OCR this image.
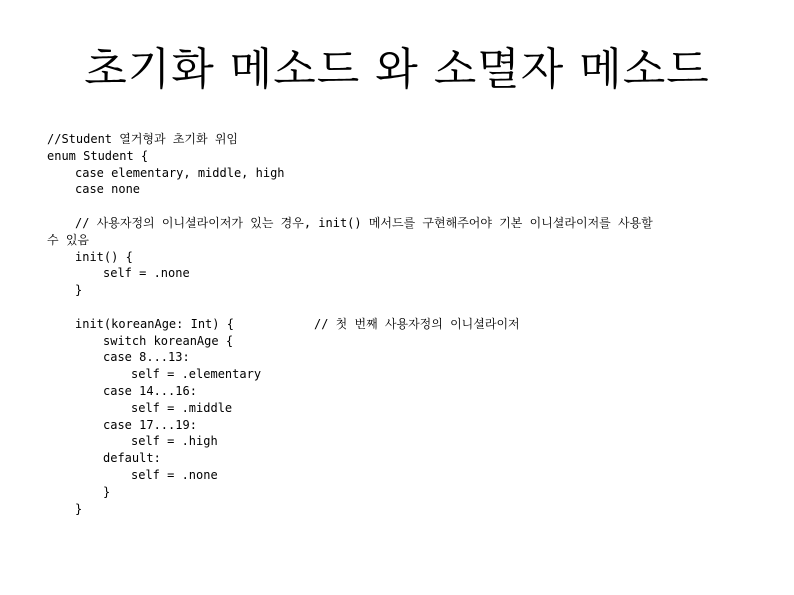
초기화 메소드 와 소멸자 메소드
//Student 열거형과 초기화 위임
enum Student {
case elementary, middle, high
case none
// 사용자정의 이니셜라이저가 있는 경우, init() 메서드를 구현해주어야 기본 이니셜라이저를 사용할
수 있음
init() {
self = .none
}
init(koreanAge: Int) {	// 첫 번째 사용자정의 이니셜라이저
switch koreanAge {
case 8...13:
self = .elementary
case 14...16:
self = .middle
case 17...19:
self = .high
default:
self = .none
}
}
